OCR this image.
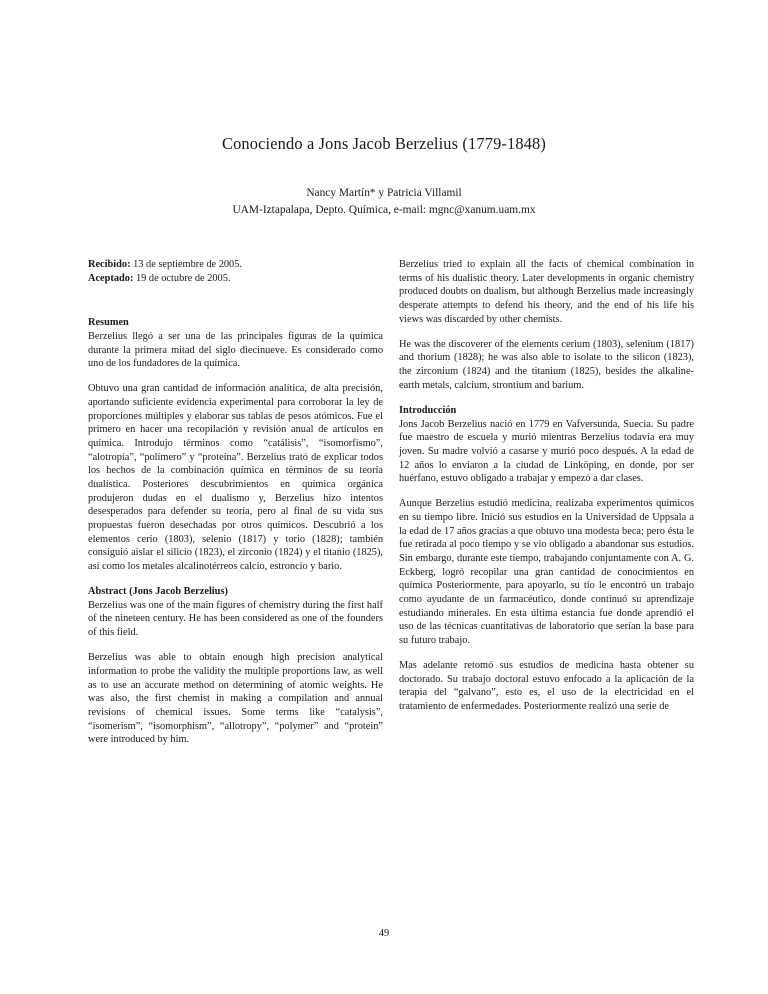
Conociendo a Jons Jacob Berzelius (1779-1848)
Nancy Martín* y Patricia Villamil
UAM-Iztapalapa, Depto. Química, e-mail: mgnc@xanum.uam.mx

Recibido: 13 de septiembre de 2005.

Aceptado: 19 de octubre de 2005.

Resumen

Berzelius llegó a ser una de las principales figuras de la química durante la primera mitad del siglo diecinueve. Es considerado como uno de los fundadores de la química.

Obtuvo una gran cantidad de información analítica, de alta precisión, aportando suficiente evidencia experimental para corroborar la ley de proporciones múltiples y elaborar sus tablas de pesos atómicos. Fue el primero en hacer una recopilación y revisión anual de artículos en química. Introdujo términos como “catálisis”, “isomorfismo”, “alotropía”, “polímero” y “proteína”. Berzelius trató de explicar todos los hechos de la combinación química en términos de su teoría dualística. Posteriores descubrimientos en química orgánica produjeron dudas en el dualismo y, Berzelius hizo intentos desesperados para defender su teoría, pero al final de su vida sus propuestas fueron desechadas por otros químicos. Descubrió a los elementos cerio (1803), selenio (1817) y torio (1828); también consiguió aislar el silicio (1823), el zirconio (1824) y el titanio (1825), así como los metales alcalinotérreos calcio, estroncio y bario.

Abstract (Jons Jacob Berzelius)

Berzelius was one of the main figures of chemistry during the first half of the nineteen century. He has been considered as one of the founders of this field.

Berzelius was able to obtain enough high precision analytical information to probe the validity the multiple proportions law, as well as to use an accurate method on determining of atomic weights. He was also, the first chemist in making a compilation and annual revisions of chemical issues. Some terms like “catalysis”, “isomerism”, “isomorphism”, “allotropy”, “polymer” and “protein” were introduced by him.

Berzelius tried to explain all the facts of chemical combination in terms of his dualistic theory. Later developments in organic chemistry produced doubts on dualism, but although Berzelius made increasingly desperate attempts to defend his theory, and the end of his life his views was discarded by other chemists.

He was the discoverer of the elements cerium (1803), selenium (1817) and thorium (1828); he was also able to isolate to the silicon (1823), the zirconium (1824) and the titanium (1825), besides the alkaline-earth metals, calcium, strontium and barium.

Introducción

Jons Jacob Berzelius nació en 1779 en Vafversunda, Suecia. Su padre fue maestro de escuela y murió mientras Berzelius todavía era muy joven. Su madre volvió a casarse y murió poco después. A la edad de 12 años lo enviaron a la ciudad de Linköping, en donde, por ser huérfano, estuvo obligado a trabajar y empezó a dar clases.

Aunque Berzelius estudió medicina, realizaba experimentos químicos en su tiempo libre. Inició sus estudios en la Universidad de Uppsala a la edad de 17 años gracias a que obtuvo una modesta beca; pero ésta le fue retirada al poco tiempo y se vio obligado a abandonar sus estudios. Sin embargo, durante este tiempo, trabajando conjuntamente con A. G. Eckberg, logró recopilar una gran cantidad de conocimientos en química Posteriormente, para apoyarlo, su tío le encontró un trabajo como ayudante de un farmacéutico, donde continuó su aprendizaje estudiando minerales. En esta última estancia fue donde aprendió el uso de las técnicas cuantitativas de laboratorio que serían la base para su futuro trabajo.

Mas adelante retomó sus estudios de medicina hasta obtener su doctorado. Su trabajo doctoral estuvo enfocado a la aplicación de la terapia del “galvano”, esto es, el uso de la electricidad en el tratamiento de enfermedades. Posteriormente realizó una serie de

49
